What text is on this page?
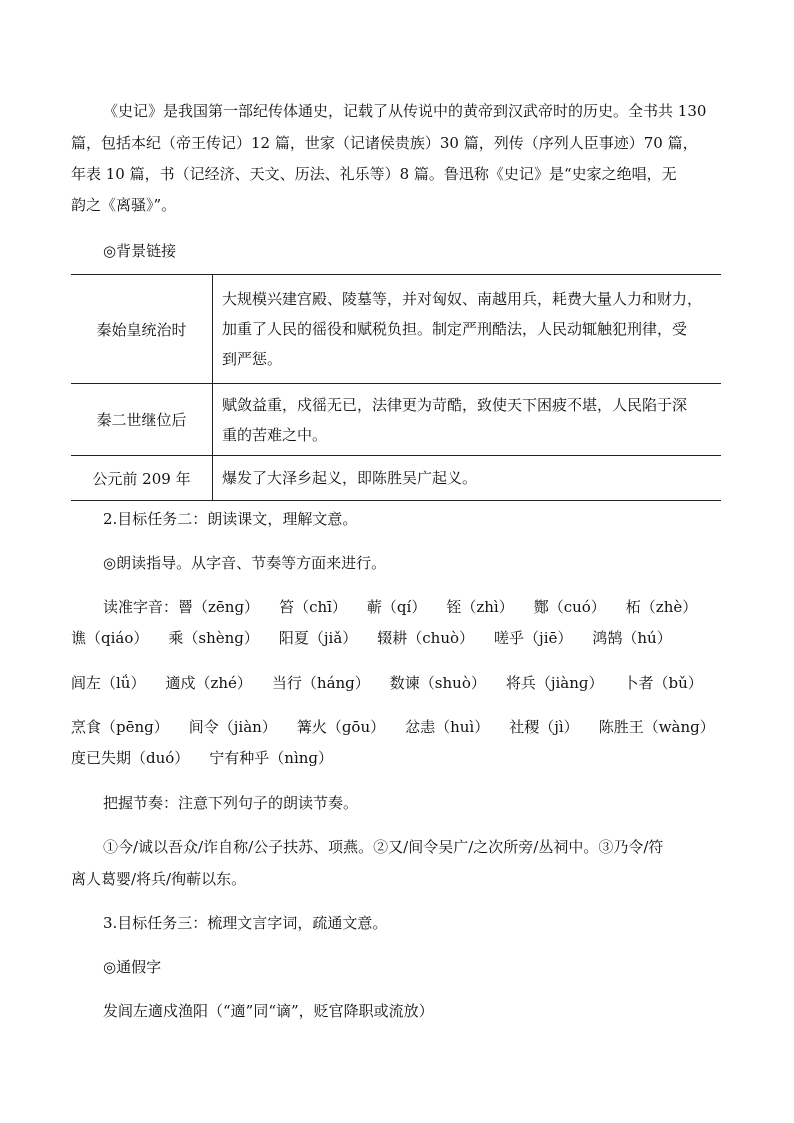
《史记》是我国第一部纪传体通史，记载了从传说中的黄帝到汉武帝时的历史。全书共 130
篇，包括本纪（帝王传记）12 篇，世家（记诸侯贵族）30 篇，列传（序列人臣事迹）70 篇，
年表 10 篇，书（记经济、天文、历法、礼乐等）8 篇。鲁迅称《史记》是“史家之绝唱，无
韵之《离骚》”。
◎背景链接
秦始皇统治时	大规模兴建宫殿、陵墓等，并对匈奴、南越用兵，耗费大量人力和财力，
加重了人民的徭役和赋税负担。制定严刑酷法，人民动辄触犯刑律，受
到严惩。

秦二世继位后	赋敛益重，戍徭无已，法律更为苛酷，致使天下困疲不堪，人民陷于深
重的苦难之中。

公元前 209 年	爆发了大泽乡起义，即陈胜吴广起义。
2.目标任务二：朗读课文，理解文意。
◎朗读指导。从字音、节奏等方面来进行。
读准字音：罾（zēnɡ） 笞（chī） 蕲（qí） 铚（zhì） 酂（cuó） 柘（zhè）
谯（qiáo） 乘（shènɡ） 阳夏（jiǎ） 辍耕（chuò） 嗟乎（jiē） 鸿鹄（hú）
闾左（lǘ） 適戍（zhé） 当行（hánɡ） 数谏（shuò） 将兵（jiànɡ） 卜者（bǔ）
烹食（pēnɡ） 间令（jiàn） 篝火（ɡōu） 忿恚（huì） 社稷（jì） 陈胜王（wànɡ）
度已失期（duó） 宁有种乎（nìnɡ）
把握节奏：注意下列句子的朗读节奏。
①今/诚以吾众/诈自称/公子扶苏、项燕。②又/间令吴广/之次所旁/丛祠中。③乃令/符
离人葛婴/将兵/徇蕲以东。
3.目标任务三：梳理文言字词，疏通文意。
◎通假字
发闾左適戍渔阳（“適”同“谪”，贬官降职或流放）
